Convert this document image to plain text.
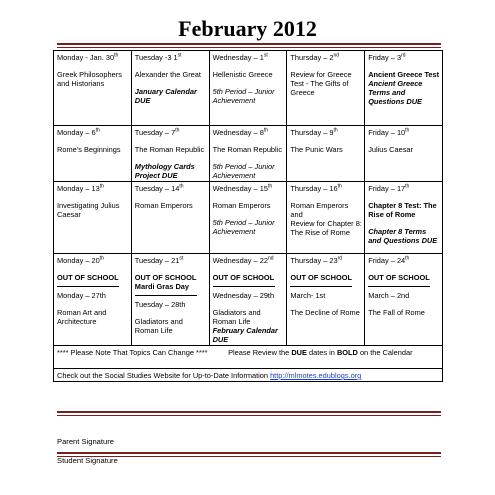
February 2012
Monday - Jan. 30th
Greek Philosophers and Historians	Tuesday -3 1st
Alexander the Great
January Calendar DUE	Wednesday – 1st
Hellenistic Greece
5th Period – Junior Achievement	Thursday – 2nd
Review for Greece Test - The Gifts of Greece	Friday – 3rd
Ancient Greece Test
Ancient Greece Terms and Questions DUE

Monday – 6th
Rome’s Beginnings	Tuesday – 7th
The Roman Republic
Mythology Cards Project DUE	Wednesday – 8th
The Roman Republic
5th Period – Junior Achievement	Thursday – 9th
The Punic Wars	Friday – 10th
Julius Caesar

Monday – 13th
Investigating Julius Caesar	Tuesday – 14th
Roman Emperors	Wednesday – 15th
Roman Emperors
5th Period – Junior Achievement	Thursday – 16th
Roman Emperors and
Review for Chapter 8: The Rise of Rome	Friday – 17th
Chapter 8 Test: The Rise of Rome
Chapter 8 Terms and Questions DUE

Monday – 20th
OUT OF SCHOOL
Monday – 27th
Roman Art and Architecture	Tuesday – 21st
OUT OF SCHOOL
Mardi Gras Day
Tuesday – 28th
Gladiators and Roman Life	Wednesday – 22nd
OUT OF SCHOOL
Wednesday – 29th
Gladiators and Roman Life
February Calendar DUE	Thursday – 23rd
OUT OF SCHOOL
March- 1st
The Decline of Rome	Friday – 24th
OUT OF SCHOOL
March – 2nd
The Fall of Rome

**** Please Note That Topics Can Change **** Please Review the DUE dates in BOLD on the Calendar				
Check out the Social Studies Website for Up-to-Date Information http://mlmotes.edublogs.org				
Parent Signature
Student Signature
